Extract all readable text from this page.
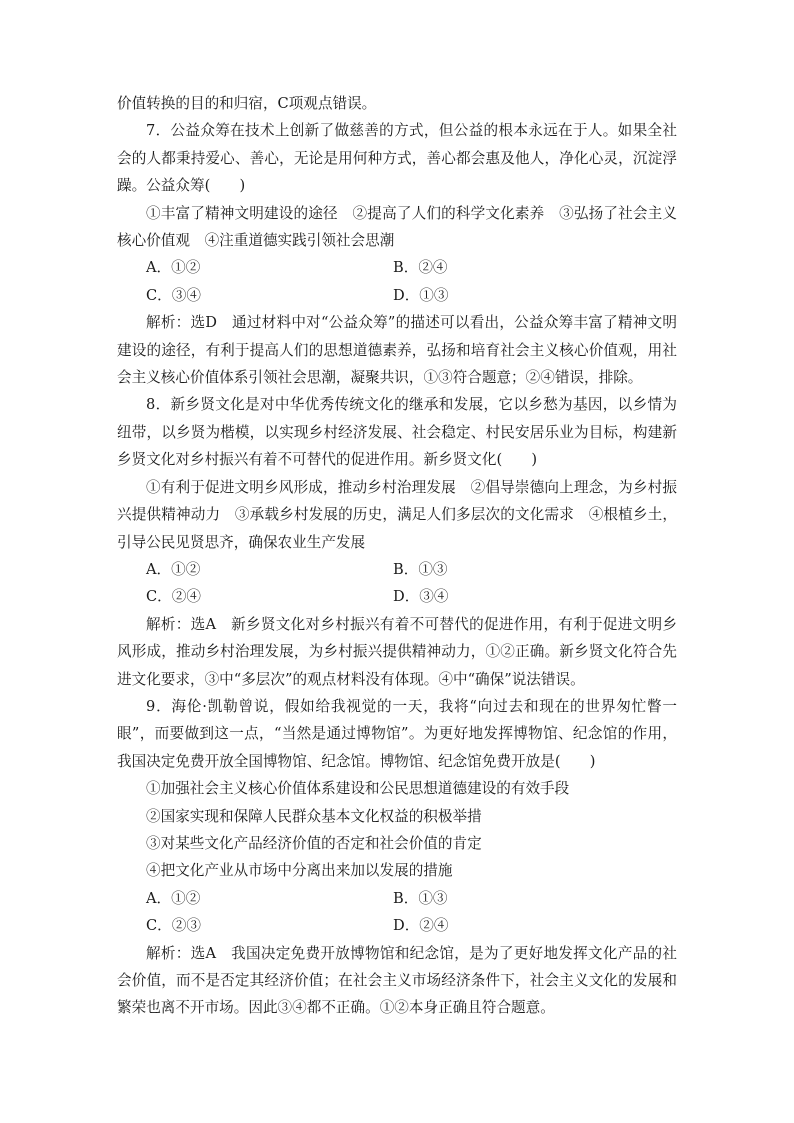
价值转换的目的和归宿，C项观点错误。

7．公益众筹在技术上创新了做慈善的方式，但公益的根本永远在于人。如果全社会的人都秉持爱心、善心，无论是用何种方式，善心都会惠及他人，净化心灵，沉淀浮躁。公益众筹(　　)

①丰富了精神文明建设的途径　②提高了人们的科学文化素养　③弘扬了社会主义核心价值观　④注重道德实践引领社会思潮

A．①②	B．②④
C．③④	D．①③

解析：选D　通过材料中对“公益众筹”的描述可以看出，公益众筹丰富了精神文明建设的途径，有利于提高人们的思想道德素养，弘扬和培育社会主义核心价值观，用社会主义核心价值体系引领社会思潮，凝聚共识，①③符合题意；②④错误，排除。

8．新乡贤文化是对中华优秀传统文化的继承和发展，它以乡愁为基因，以乡情为纽带，以乡贤为楷模，以实现乡村经济发展、社会稳定、村民安居乐业为目标，构建新乡贤文化对乡村振兴有着不可替代的促进作用。新乡贤文化(　　)

①有利于促进文明乡风形成，推动乡村治理发展　②倡导崇德向上理念，为乡村振兴提供精神动力　③承载乡村发展的历史，满足人们多层次的文化需求　④根植乡土，引导公民见贤思齐，确保农业生产发展

A．①②	B．①③
C．②④	D．③④

解析：选A　新乡贤文化对乡村振兴有着不可替代的促进作用，有利于促进文明乡风形成，推动乡村治理发展，为乡村振兴提供精神动力，①②正确。新乡贤文化符合先进文化要求，③中“多层次”的观点材料没有体现。④中“确保”说法错误。

9．海伦·凯勒曾说，假如给我视觉的一天，我将“向过去和现在的世界匆忙瞥一眼”，而要做到这一点，“当然是通过博物馆”。为更好地发挥博物馆、纪念馆的作用，我国决定免费开放全国博物馆、纪念馆。博物馆、纪念馆免费开放是(　　)

①加强社会主义核心价值体系建设和公民思想道德建设的有效手段

②国家实现和保障人民群众基本文化权益的积极举措

③对某些文化产品经济价值的否定和社会价值的肯定

④把文化产业从市场中分离出来加以发展的措施

A．①②	B．①③
C．②③	D．②④

解析：选A　我国决定免费开放博物馆和纪念馆，是为了更好地发挥文化产品的社会价值，而不是否定其经济价值；在社会主义市场经济条件下，社会主义文化的发展和繁荣也离不开市场。因此③④都不正确。①②本身正确且符合题意。
